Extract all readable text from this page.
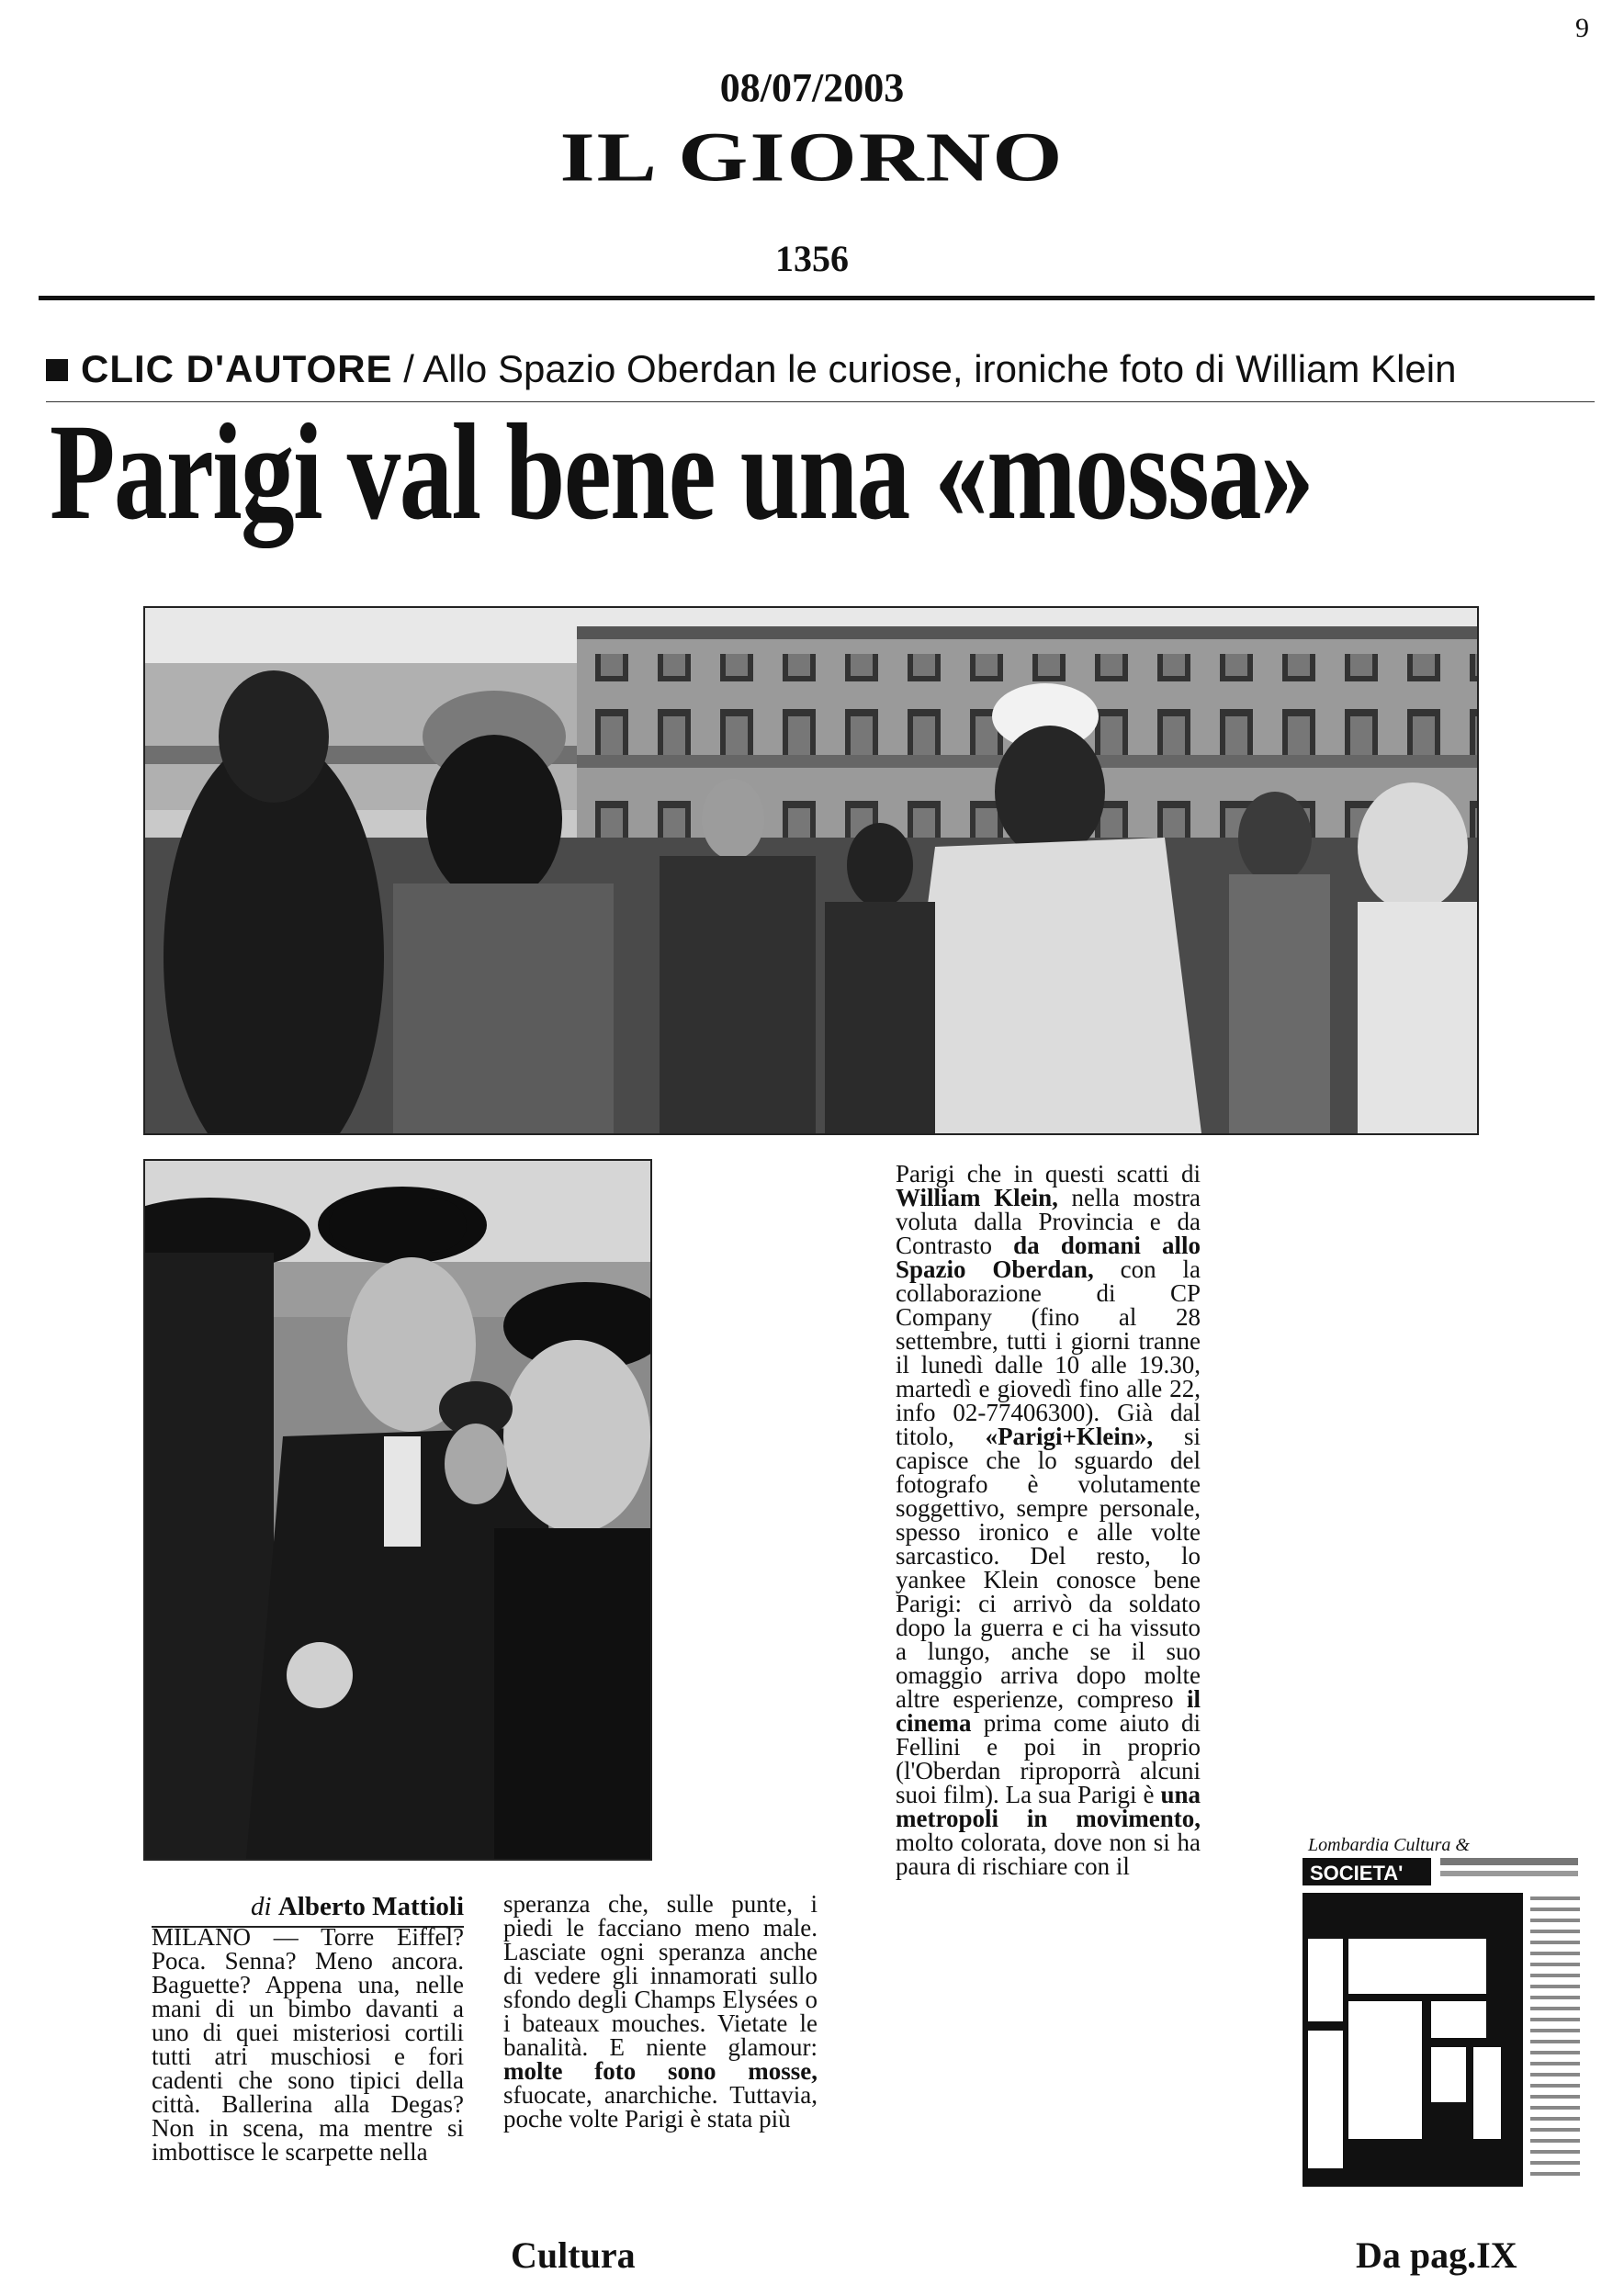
9
08/07/2003
IL GIORNO
1356
CLIC D'AUTORE / Allo Spazio Oberdan le curiose, ironiche foto di William Klein
Parigi val bene una «mossa»
di Alberto Mattioli

MILANO — Torre Eiffel? Poca. Senna? Meno ancora. Baguette? Appena una, nelle mani di un bimbo davanti a uno di quei misteriosi cortili tutti atri muschiosi e fori cadenti che sono tipici della città. Ballerina alla Degas? Non in scena, ma mentre si imbottisce le scarpette nella

speranza che, sulle punte, i piedi le facciano meno male. Lasciate ogni speranza anche di vedere gli innamorati sullo sfondo degli Champs Elysées o i bateaux mouches. Vietate le banalità. E niente glamour: molte foto sono mosse, sfuocate, anarchiche. Tuttavia, poche volte Parigi è stata più

Parigi che in questi scatti di William Klein, nella mostra voluta dalla Provincia e da Contrasto da domani allo Spazio Oberdan, con la collaborazione di CP Company (fino al 28 settembre, tutti i giorni tranne il lunedì dalle 10 alle 19.30, martedì e giovedì fino alle 22, info 02-77406300). Già dal titolo, «Parigi+Klein», si capisce che lo sguardo del fotografo è volutamente soggettivo, sempre personale, spesso ironico e alle volte sarcastico. Del resto, lo yankee Klein conosce bene Parigi: ci arrivò da soldato dopo la guerra e ci ha vissuto a lungo, anche se il suo omaggio arriva dopo molte altre esperienze, compreso il cinema prima come aiuto di Fellini e poi in proprio (l'Oberdan riproporrà alcuni suoi film). La sua Parigi è una metropoli in movimento, molto colorata, dove non si ha paura di rischiare con il

Lombardia Cultura &
SOCIETA'
Cultura	Da pag.IX
